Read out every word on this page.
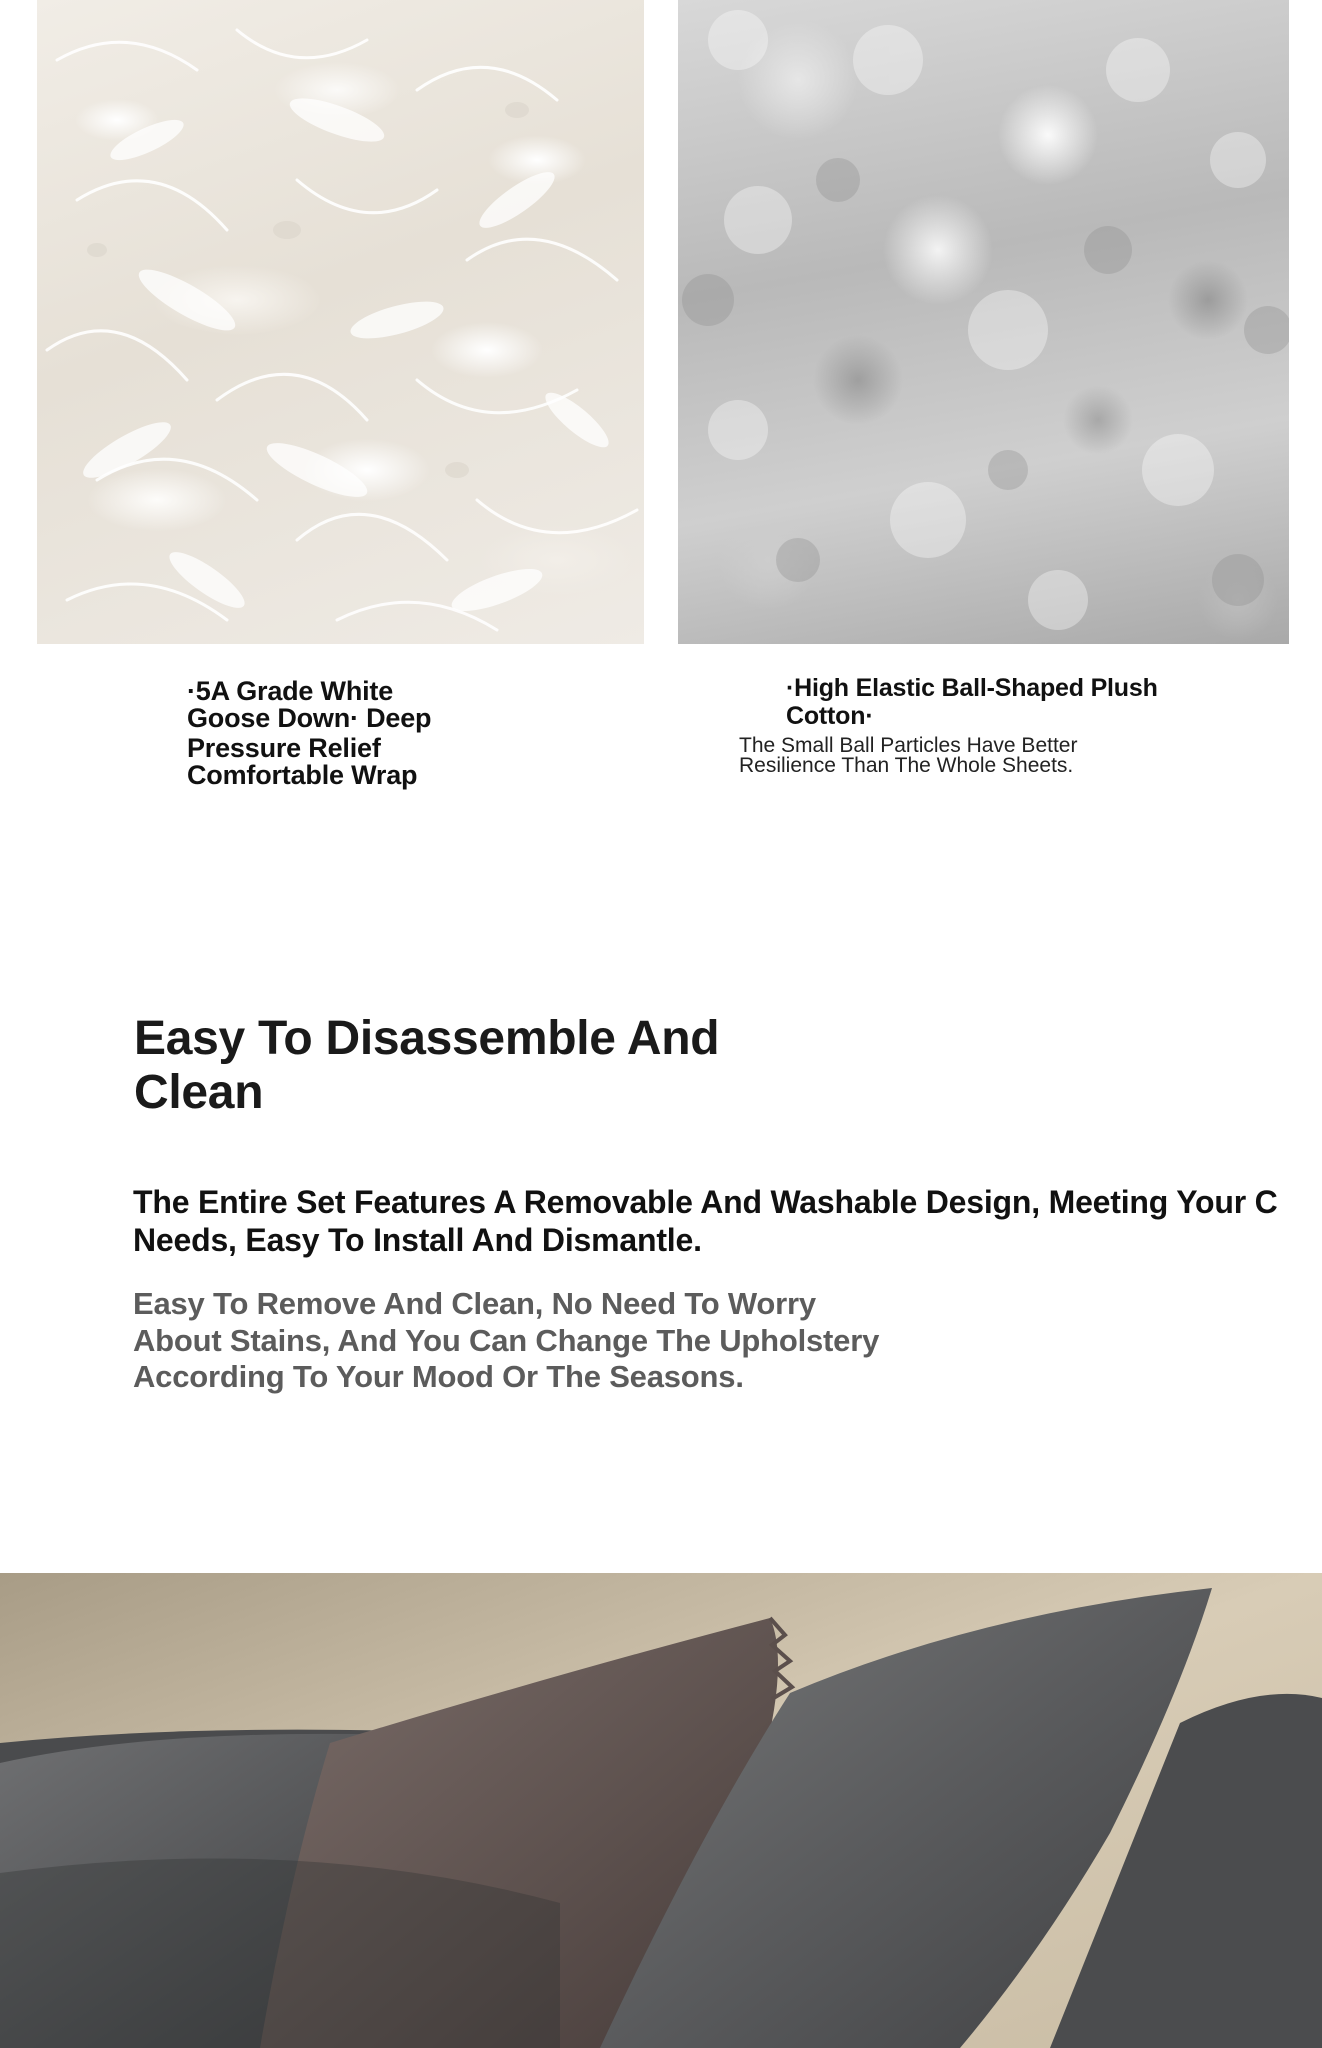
·5A Grade White
Goose Down· Deep
Pressure Relief
Comfortable Wrap
·High Elastic Ball-Shaped Plush
Cotton·

The Small Ball Particles Have Better
Resilience Than The Whole Sheets.

Easy To Disassemble And
Clean

The Entire Set Features A Removable And Washable Design, Meeting Your C
Needs, Easy To Install And Dismantle.

Easy To Remove And Clean, No Need To Worry
About Stains, And You Can Change The Upholstery
According To Your Mood Or The Seasons.
